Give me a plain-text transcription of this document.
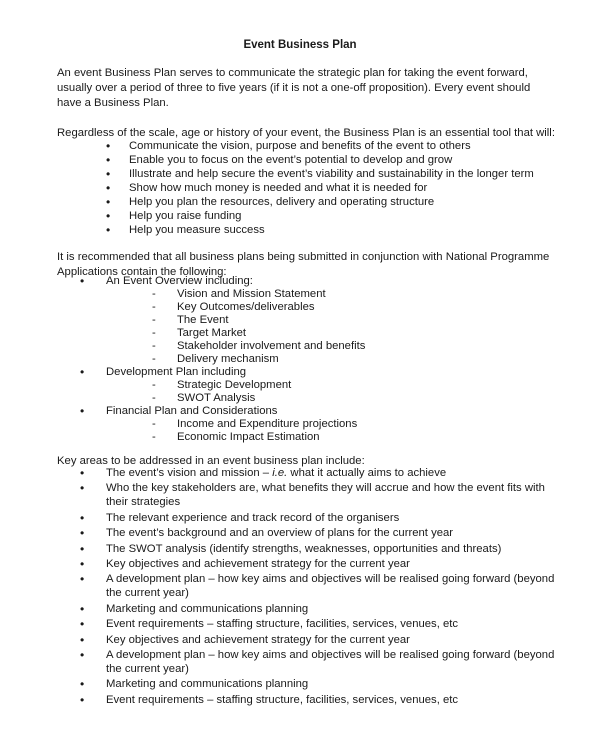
Event Business Plan
An event Business Plan serves to communicate the strategic plan for taking the event forward, usually over a period of three to five years (if it is not a one-off proposition). Every event should have a Business Plan.
Regardless of the scale, age or history of your event, the Business Plan is an essential tool that will:
• Communicate the vision, purpose and benefits of the event to others
• Enable you to focus on the event’s potential to develop and grow
• Illustrate and help secure the event’s viability and sustainability in the longer term
• Show how much money is needed and what it is needed for
• Help you plan the resources, delivery and operating structure
• Help you raise funding
• Help you measure success
It is recommended that all business plans being submitted in conjunction with National Programme Applications contain the following:
• An Event Overview including:
- Vision and Mission Statement
- Key Outcomes/deliverables
- The Event
- Target Market
- Stakeholder involvement and benefits
- Delivery mechanism
• Development Plan including
- Strategic Development
- SWOT Analysis
• Financial Plan and Considerations
- Income and Expenditure projections
- Economic Impact Estimation
Key areas to be addressed in an event business plan include:
• The event’s vision and mission – i.e. what it actually aims to achieve
• Who the key stakeholders are, what benefits they will accrue and how the event fits with their strategies
• The relevant experience and track record of the organisers
• The event’s background and an overview of plans for the current year
• The SWOT analysis (identify strengths, weaknesses, opportunities and threats)
• Key objectives and achievement strategy for the current year
• A development plan – how key aims and objectives will be realised going forward (beyond the current year)
• Marketing and communications planning
• Event requirements – staffing structure, facilities, services, venues, etc
• Key objectives and achievement strategy for the current year
• A development plan – how key aims and objectives will be realised going forward (beyond the current year)
• Marketing and communications planning
• Event requirements – staffing structure, facilities, services, venues, etc
